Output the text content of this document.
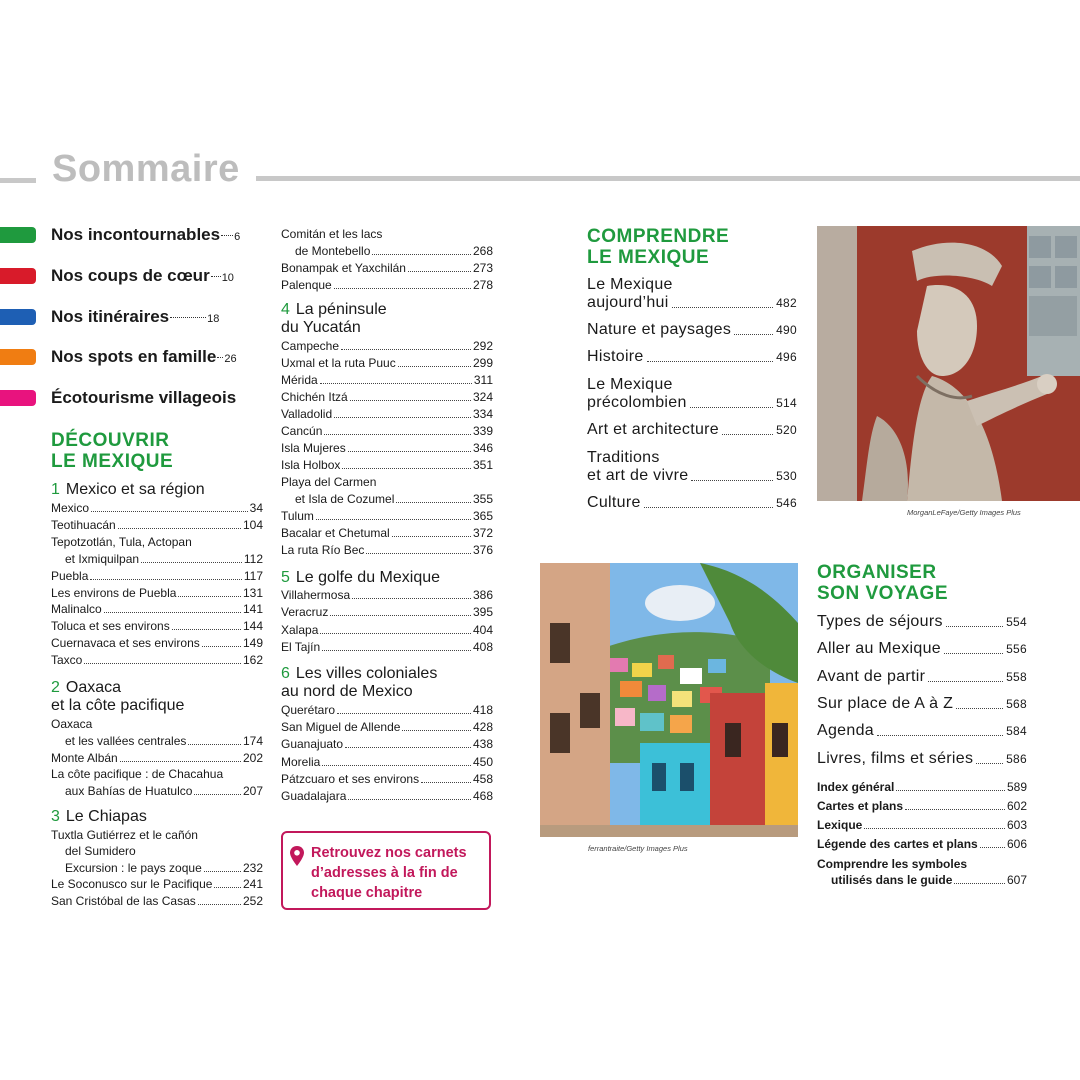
Sommaire
Nos incontournables 6
Nos coups de cœur 10
Nos itinéraires	18
Nos spots en famille 26
Écotourisme villageois
DÉCOUVRIR
LE MEXIQUE
1 Mexico et sa région
Mexico	34
Teotihuacán	104
Tepotzotlán, Tula, Actopan
et Ixmiquilpan	112
Puebla	117
Les environs de Puebla	131
Malinalco	141
Toluca et ses environs	144
Cuernavaca et ses environs	149
Taxco	162
2 Oaxaca
et la côte pacifique
Oaxaca
et les vallées centrales	174
Monte Albán	202
La côte pacifique : de Chacahua
aux Bahías de Huatulco	207
3 Le Chiapas
Tuxtla Gutiérrez et le cañón
del Sumidero
Excursion : le pays zoque	232
Le Soconusco sur le Pacifique	241
San Cristóbal de las Casas	252
Comitán et les lacs
de Montebello	268
Bonampak et Yaxchilán	273
Palenque	278
4 La péninsule
du Yucatán
Campeche	292
Uxmal et la ruta Puuc	299
Mérida	311
Chichén Itzá	324
Valladolid	334
Cancún	339
Isla Mujeres	346
Isla Holbox	351
Playa del Carmen
et Isla de Cozumel	355
Tulum	365
Bacalar et Chetumal	372
La ruta Río Bec	376
5 Le golfe du Mexique
Villahermosa	386
Veracruz	395
Xalapa	404
El Tajín	408
6 Les villes coloniales
au nord de Mexico
Querétaro	418
San Miguel de Allende	428
Guanajuato	438
Morelia	450
Pátzcuaro et ses environs	458
Guadalajara	468
Retrouvez nos carnets d’adresses à la fin de chaque chapitre
COMPRENDRE
LE MEXIQUE
Le Mexique
aujourd’hui	482
Nature et paysages	490
Histoire	496
Le Mexique
précolombien	514
Art et architecture	520
Traditions
et art de vivre	530
Culture	546
MorganLeFaye/Getty Images Plus
ferrantraite/Getty Images Plus
ORGANISER
SON VOYAGE
Types de séjours	554
Aller au Mexique	556
Avant de partir	558
Sur place de A à Z	568
Agenda	584
Livres, films et séries	586
Index général	589
Cartes et plans	602
Lexique	603
Légende des cartes et plans 606
Comprendre les symboles
utilisés dans le guide	607
